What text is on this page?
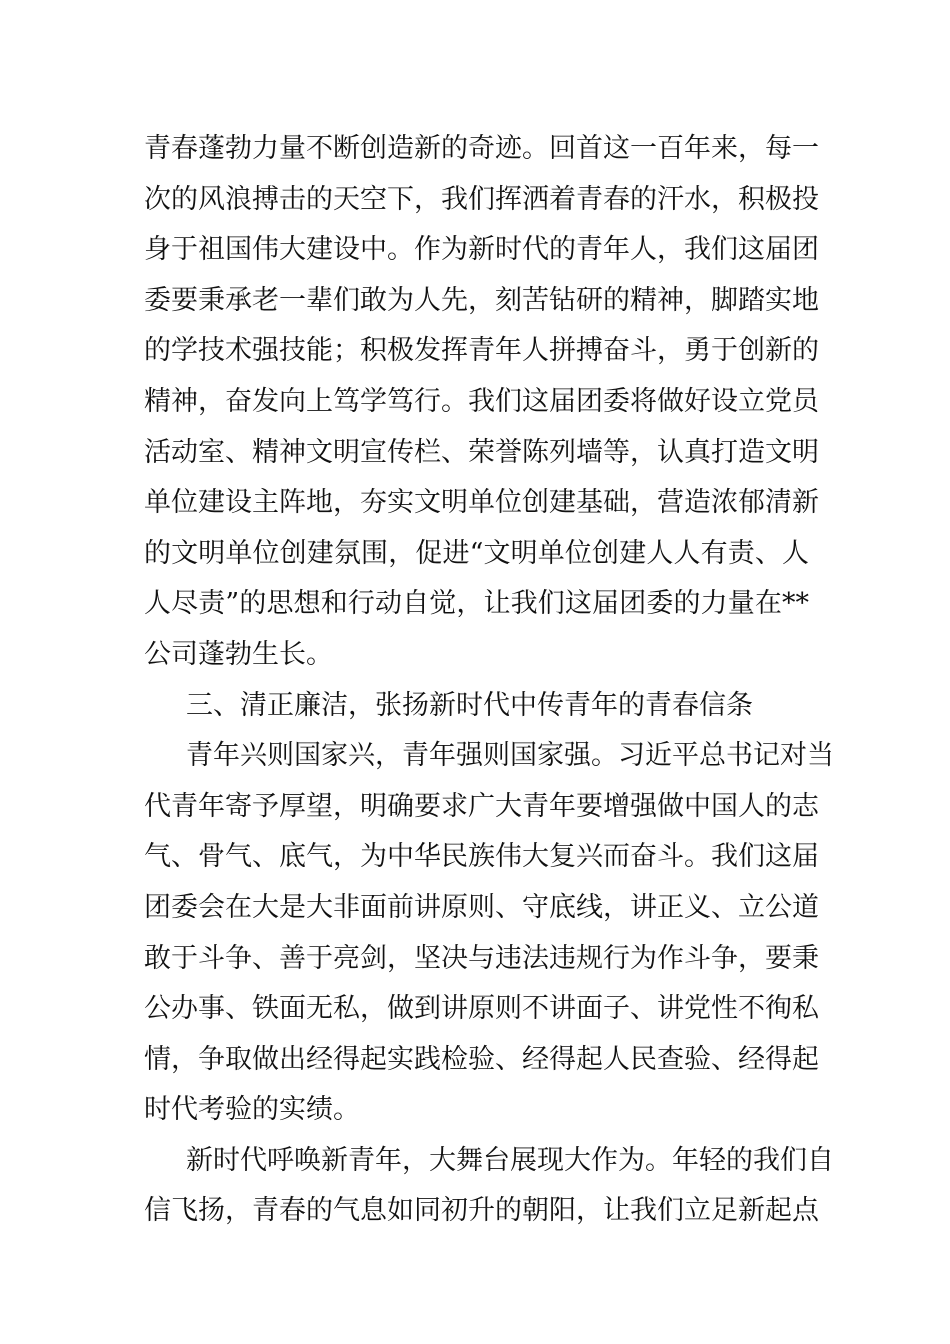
青春蓬勃力量不断创造新的奇迹。回首这一百年来，每一
次的风浪搏击的天空下，我们挥洒着青春的汗水，积极投
身于祖国伟大建设中。作为新时代的青年人，我们这届团
委要秉承老一辈们敢为人先，刻苦钻研的精神，脚踏实地
的学技术强技能；积极发挥青年人拼搏奋斗，勇于创新的
精神，奋发向上笃学笃行。我们这届团委将做好设立党员
活动室、精神文明宣传栏、荣誉陈列墙等，认真打造文明
单位建设主阵地，夯实文明单位创建基础，营造浓郁清新
的文明单位创建氛围，促进“文明单位创建人人有责、人
人尽责”的思想和行动自觉，让我们这届团委的力量在**
公司蓬勃生长。
三、清正廉洁，张扬新时代中传青年的青春信条
青年兴则国家兴，青年强则国家强。习近平总书记对当
代青年寄予厚望，明确要求广大青年要增强做中国人的志
气、骨气、底气，为中华民族伟大复兴而奋斗。我们这届
团委会在大是大非面前讲原则、守底线，讲正义、立公道
敢于斗争、善于亮剑，坚决与违法违规行为作斗争，要秉
公办事、铁面无私，做到讲原则不讲面子、讲党性不徇私
情，争取做出经得起实践检验、经得起人民查验、经得起
时代考验的实绩。
新时代呼唤新青年，大舞台展现大作为。年轻的我们自
信飞扬，青春的气息如同初升的朝阳，让我们立足新起点
